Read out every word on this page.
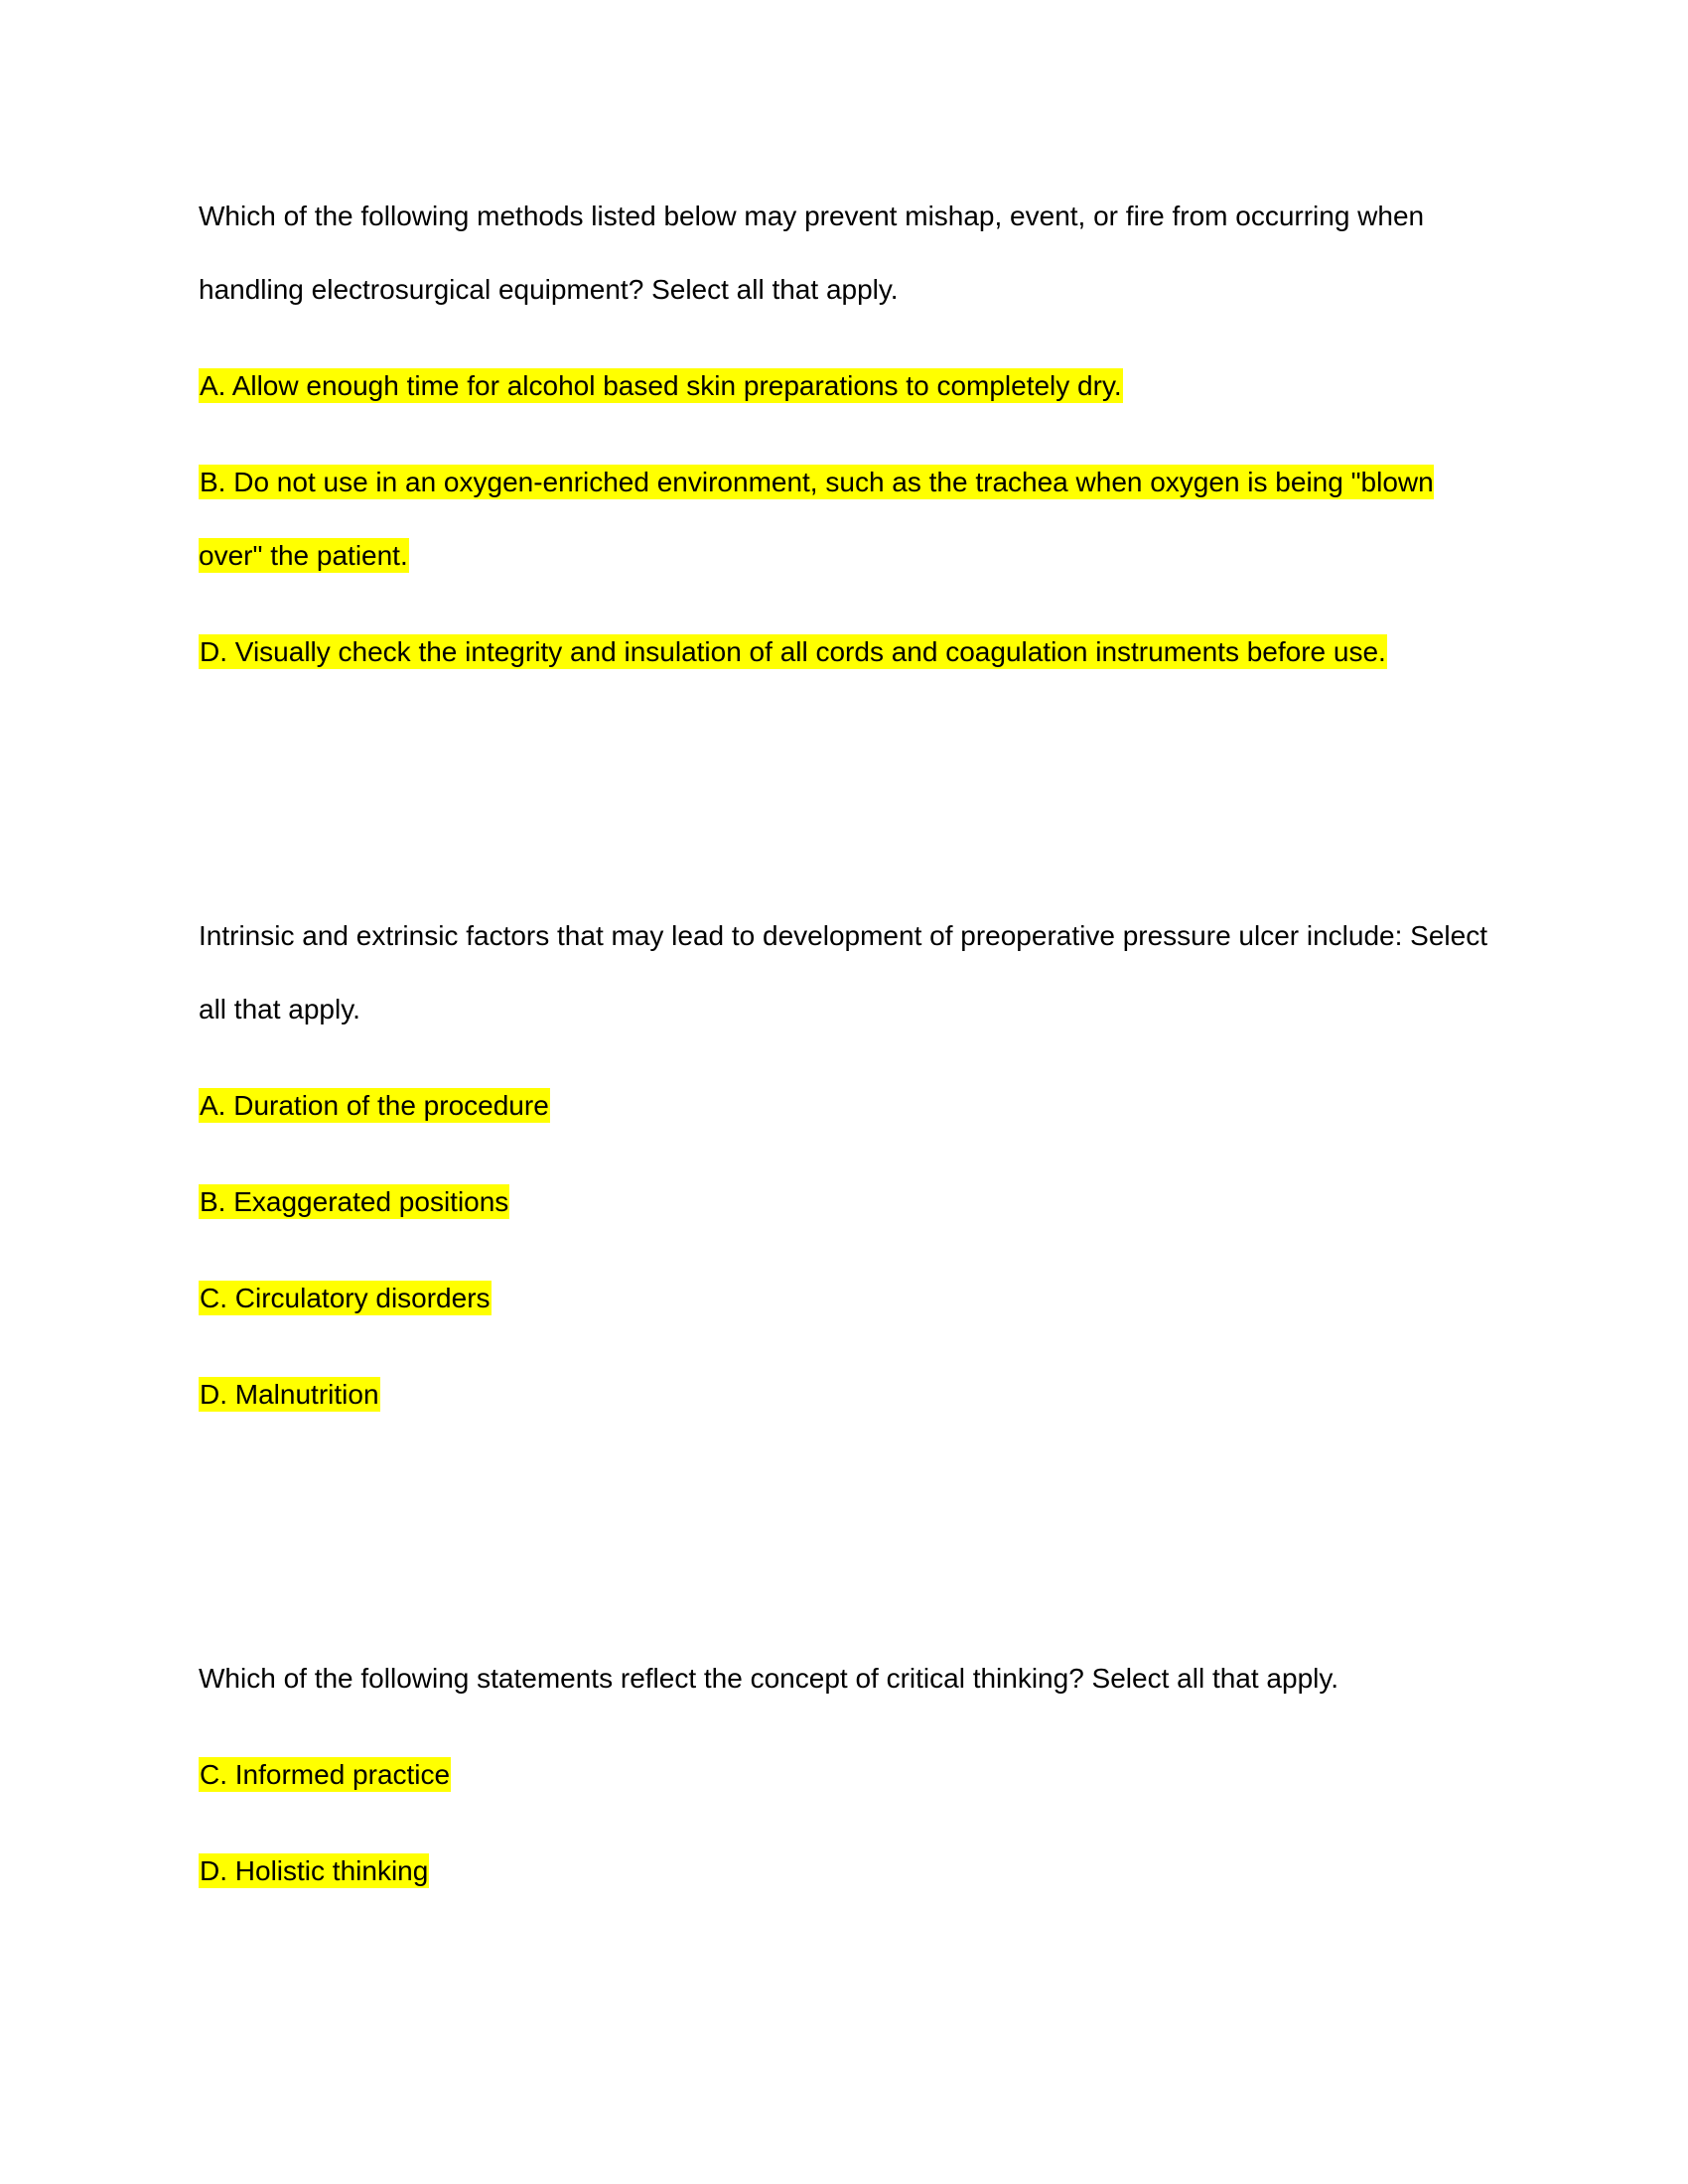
Which of the following methods listed below may prevent mishap, event, or fire from occurring when handling electrosurgical equipment? Select all that apply.

A. Allow enough time for alcohol based skin preparations to completely dry.

B. Do not use in an oxygen-enriched environment, such as the trachea when oxygen is being "blown over" the patient.

D. Visually check the integrity and insulation of all cords and coagulation instruments before use.

Intrinsic and extrinsic factors that may lead to development of preoperative pressure ulcer include: Select all that apply.

A. Duration of the procedure

B. Exaggerated positions

C. Circulatory disorders

D. Malnutrition

Which of the following statements reflect the concept of critical thinking? Select all that apply.

C. Informed practice

D. Holistic thinking
